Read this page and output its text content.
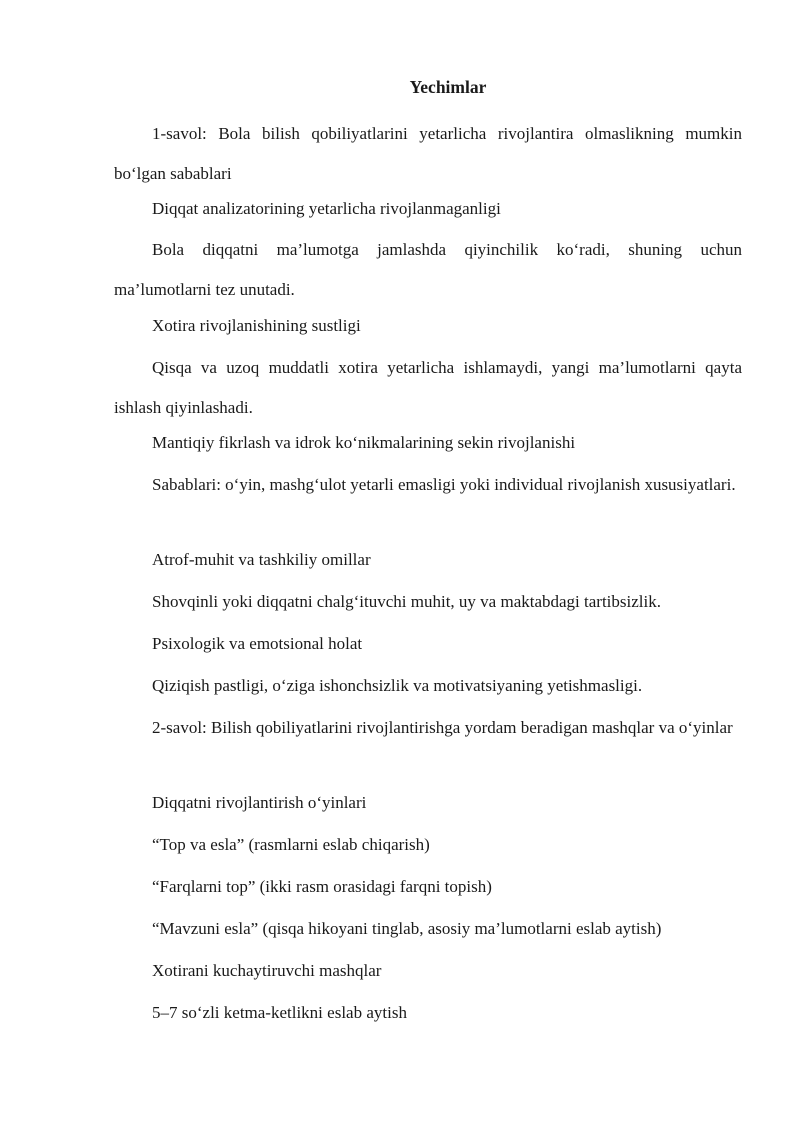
Yechimlar

1-savol: Bola bilish qobiliyatlarini yetarlicha rivojlantira olmaslikning mumkin bo‘lgan sabablari

Diqqat analizatorining yetarlicha rivojlanmaganligi

Bola diqqatni ma’lumotga jamlashda qiyinchilik ko‘radi, shuning uchun ma’lumotlarni tez unutadi.

Xotira rivojlanishining sustligi

Qisqa va uzoq muddatli xotira yetarlicha ishlamaydi, yangi ma’lumotlarni qayta ishlash qiyinlashadi.

Mantiqiy fikrlash va idrok ko‘nikmalarining sekin rivojlanishi

Sabablari: o‘yin, mashg‘ulot yetarli emasligi yoki individual rivojlanish xususiyatlari.

Atrof-muhit va tashkiliy omillar

Shovqinli yoki diqqatni chalg‘ituvchi muhit, uy va maktabdagi tartibsizlik.

Psixologik va emotsional holat

Qiziqish pastligi, o‘ziga ishonchsizlik va motivatsiyaning yetishmasligi.

2-savol: Bilish qobiliyatlarini rivojlantirishga yordam beradigan mashqlar va o‘yinlar

Diqqatni rivojlantirish o‘yinlari

“Top va esla” (rasmlarni eslab chiqarish)

“Farqlarni top” (ikki rasm orasidagi farqni topish)

“Mavzuni esla” (qisqa hikoyani tinglab, asosiy ma’lumotlarni eslab aytish)

Xotirani kuchaytiruvchi mashqlar

5–7 so‘zli ketma-ketlikni eslab aytish
